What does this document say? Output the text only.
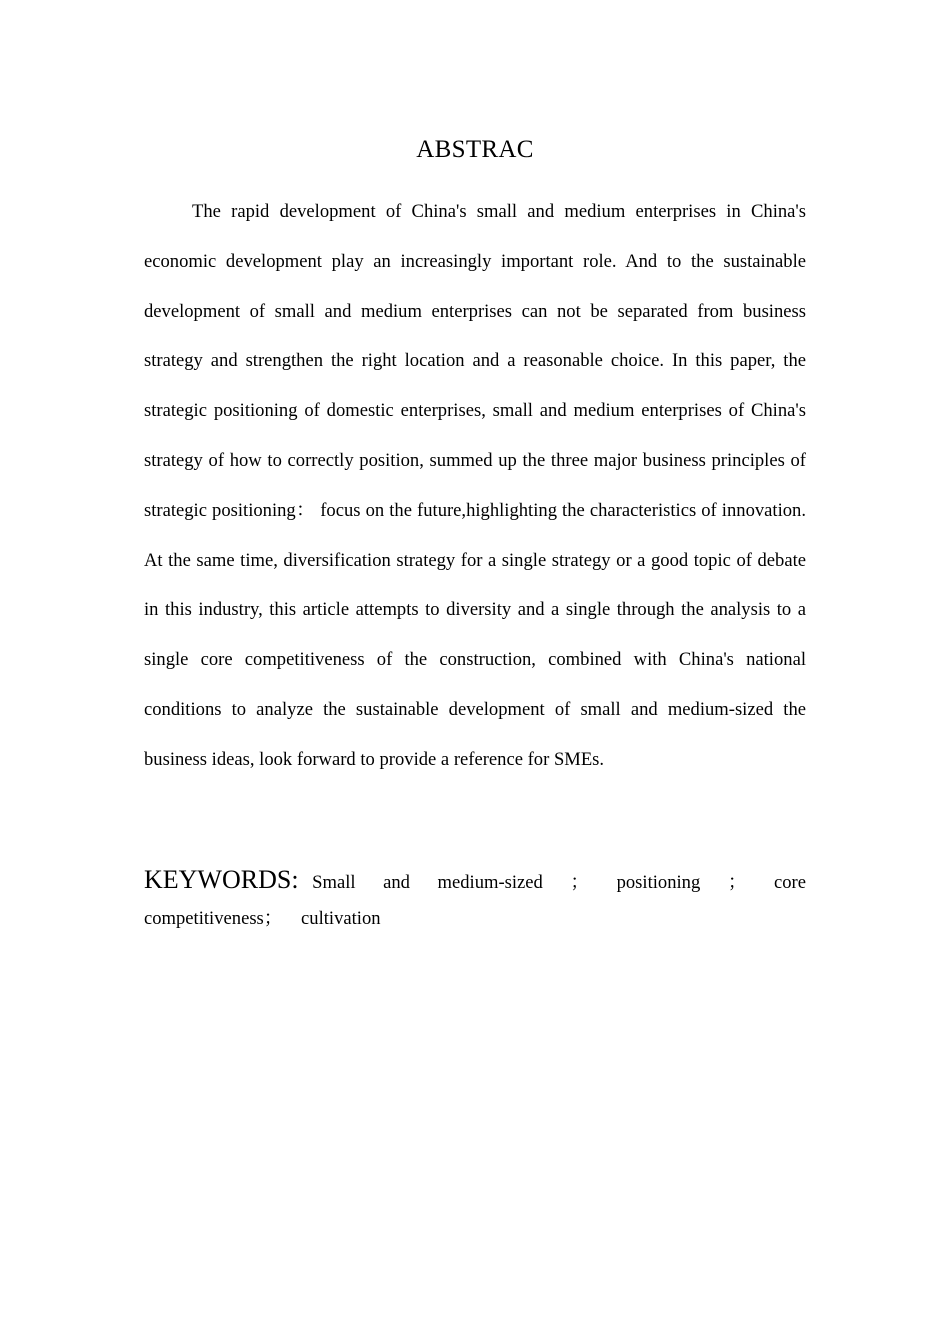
ABSTRAC

The rapid development of China's small and medium enterprises in China's economic development play an increasingly important role. And to the sustainable development of small and medium enterprises can not be separated from business strategy and strengthen the right location and a reasonable choice. In this paper, the strategic positioning of domestic enterprises, small and medium enterprises of China's strategy of how to correctly position, summed up the three major business principles of strategic positioning： focus on the future,highlighting the characteristics of innovation. At the same time, diversification strategy for a single strategy or a good topic of debate in this industry, this article attempts to diversity and a single through the analysis to a single core competitiveness of the construction, combined with China's national conditions to analyze the sustainable development of small and medium-sized the business ideas, look forward to provide a reference for SMEs.

KEYWORDS: Small and medium-sized ； positioning ； core competitiveness； cultivation
